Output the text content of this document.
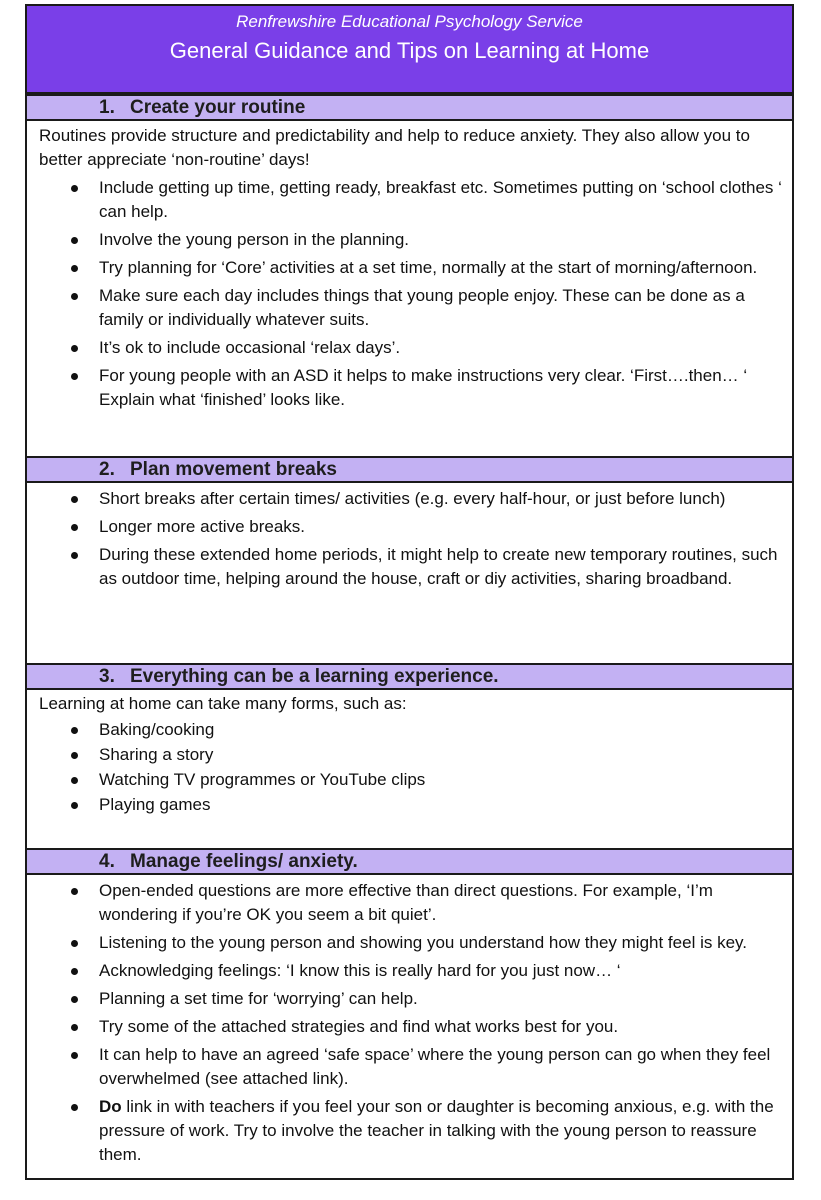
Renfrewshire Educational Psychology Service
General Guidance and Tips on Learning at Home
1. Create your routine
Routines provide structure and predictability and help to reduce anxiety. They also allow you to better appreciate ‘non-routine’ days!
Include getting up time, getting ready, breakfast etc. Sometimes putting on ‘school clothes ‘ can help.
Involve the young person in the planning.
Try planning for ‘Core’ activities at a set time, normally at the start of morning/afternoon.
Make sure each day includes things that young people enjoy. These can be done as a family or individually whatever suits.
It’s ok to include occasional ‘relax days’.
For young people with an ASD it helps to make instructions very clear. ‘First….then… ‘ Explain what ‘finished’ looks like.
2. Plan movement breaks
Short breaks after certain times/ activities (e.g. every half-hour, or just before lunch)
Longer more active breaks.
During these extended home periods, it might help to create new temporary routines, such as outdoor time, helping around the house, craft or diy activities, sharing broadband.
3. Everything can be a learning experience.
Learning at home can take many forms, such as:
Baking/cooking
Sharing a story
Watching TV programmes or YouTube clips
Playing games
4. Manage feelings/ anxiety.
Open-ended questions are more effective than direct questions. For example, ‘I’m wondering if you’re OK you seem a bit quiet’.
Listening to the young person and showing you understand how they might feel is key.
Acknowledging feelings: ‘I know this is really hard for you just now… ‘
Planning a set time for ‘worrying’ can help.
Try some of the attached strategies and find what works best for you.
It can help to have an agreed ‘safe space’ where the young person can go when they feel overwhelmed (see attached link).
Do link in with teachers if you feel your son or daughter is becoming anxious, e.g. with the pressure of work. Try to involve the teacher in talking with the young person to reassure them.
